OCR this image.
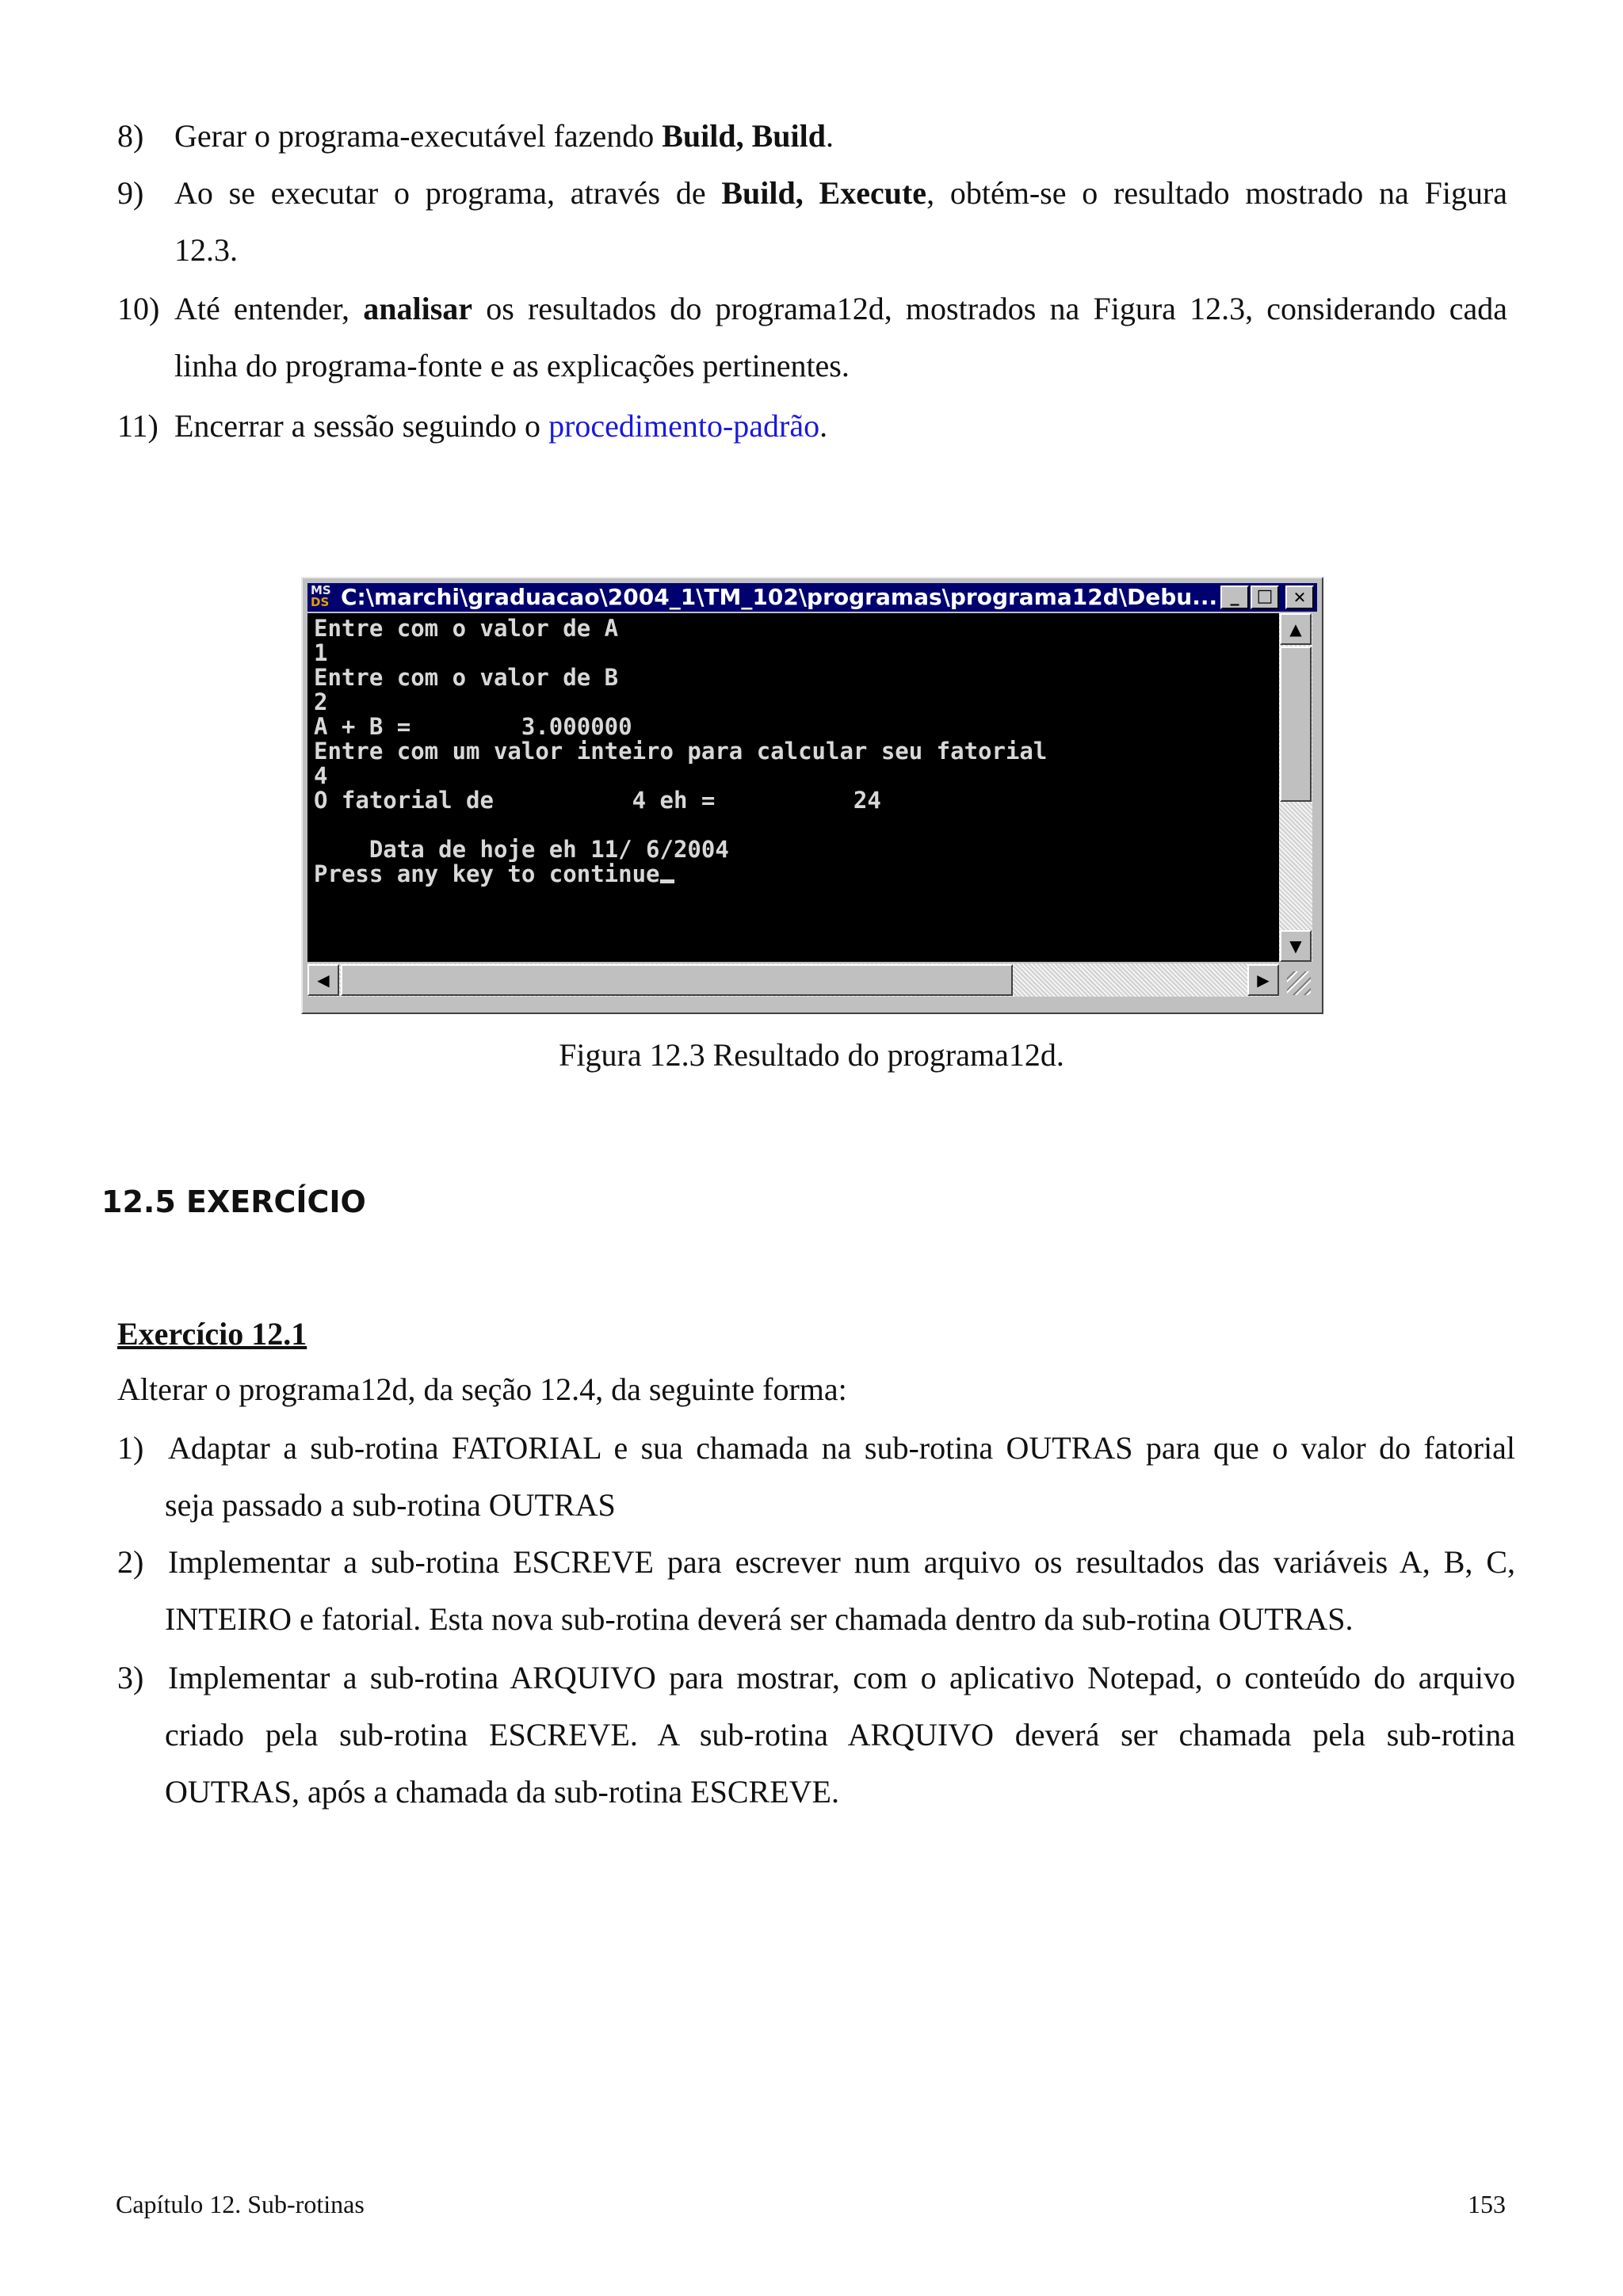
8) Gerar o programa-executável fazendo Build, Build.
9) Ao se executar o programa, através de Build, Execute, obtém-se o resultado mostrado na Figura
12.3.
10) Até entender, analisar os resultados do programa12d, mostrados na Figura 12.3, considerando cada
linha do programa-fonte e as explicações pertinentes.
11) Encerrar a sessão seguindo o procedimento-padrão.
MS
DS C:\marchi\graduacao\2004_1\TM_102\programas\programa12d\Debu... _	□	✕
Entre com o valor de A
1
Entre com o valor de B
2
A + B =        3.000000
Entre com um valor inteiro para calcular seu fatorial
4
O fatorial de          4 eh =          24
Data de hoje eh 11/ 6/2004
Press any key to continue
▲
▼
◀	▶
Figura 12.3 Resultado do programa12d.
12.5 EXERCÍCIO
Exercício 12.1
Alterar o programa12d, da seção 12.4, da seguinte forma:
1) Adaptar a sub-rotina FATORIAL e sua chamada na sub-rotina OUTRAS para que o valor do fatorial
seja passado a sub-rotina OUTRAS
2) Implementar a sub-rotina ESCREVE para escrever num arquivo os resultados das variáveis A, B, C,
INTEIRO e fatorial. Esta nova sub-rotina deverá ser chamada dentro da sub-rotina OUTRAS.
3) Implementar a sub-rotina ARQUIVO para mostrar, com o aplicativo Notepad, o conteúdo do arquivo
criado pela sub-rotina ESCREVE. A sub-rotina ARQUIVO deverá ser chamada pela sub-rotina
OUTRAS, após a chamada da sub-rotina ESCREVE.
Capítulo 12. Sub-rotinas	153
